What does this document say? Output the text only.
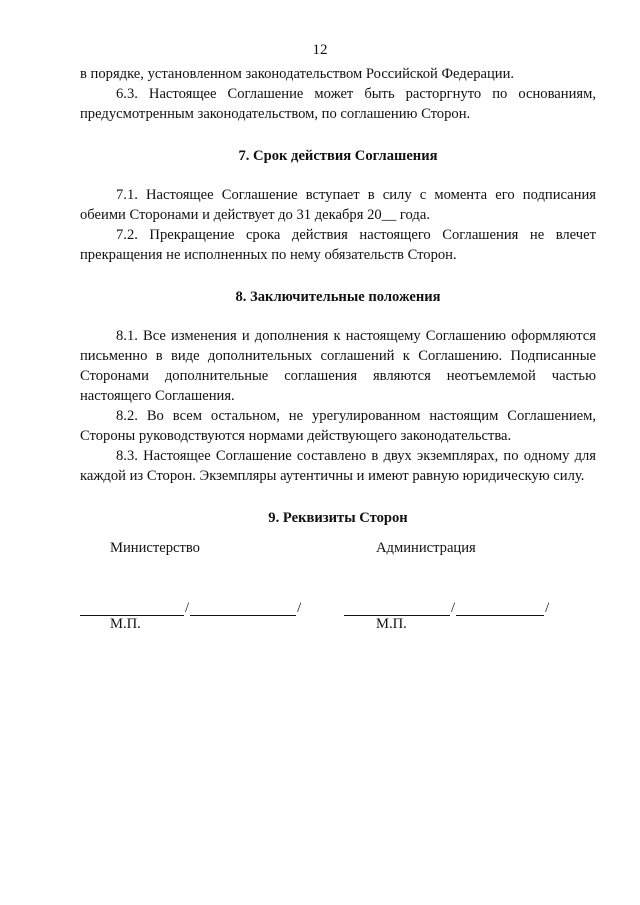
12

в порядке, установленном законодательством Российской Федерации.

6.3. Настоящее Соглашение может быть расторгнуто по основаниям, предусмотренным законодательством, по соглашению Сторон.

7. Срок действия Соглашения

7.1. Настоящее Соглашение вступает в силу с момента его подписания обеими Сторонами и действует до 31 декабря 20__ года.

7.2. Прекращение срока действия настоящего Соглашения не влечет прекращения не исполненных по нему обязательств Сторон.

8. Заключительные положения

8.1. Все изменения и дополнения к настоящему Соглашению оформляются письменно в виде дополнительных соглашений к Соглашению. Подписанные Сторонами дополнительные соглашения являются неотъемлемой частью настоящего Соглашения.

8.2. Во всем остальном, не урегулированном настоящим Соглашением, Стороны руководствуются нормами действующего законодательства.

8.3. Настоящее Соглашение составлено в двух экземплярах, по одному для каждой из Сторон. Экземпляры аутентичны и имеют равную юридическую силу.

9. Реквизиты Сторон
Министерство	Администрация
/	/	/	/
М.П.	М.П.
